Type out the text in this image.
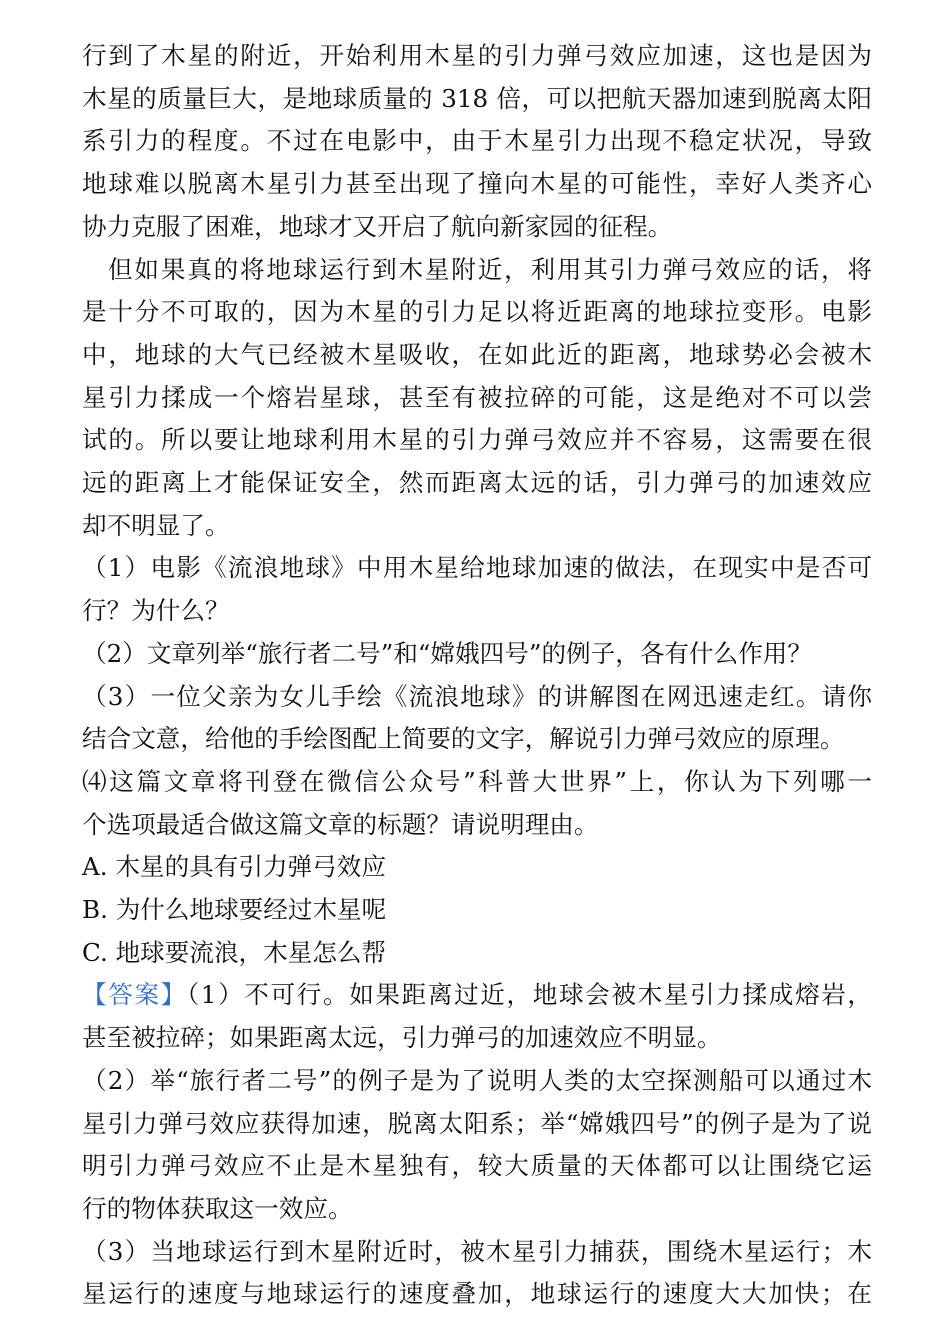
行到了木星的附近，开始利用木星的引力弹弓效应加速，这也是因为
木星的质量巨大，是地球质量的 318 倍，可以把航天器加速到脱离太阳
系引力的程度。不过在电影中，由于木星引力出现不稳定状况，导致
地球难以脱离木星引力甚至出现了撞向木星的可能性，幸好人类齐心
协力克服了困难，地球才又开启了航向新家园的征程。
但如果真的将地球运行到木星附近，利用其引力弹弓效应的话，将
是十分不可取的，因为木星的引力足以将近距离的地球拉变形。电影
中，地球的大气已经被木星吸收，在如此近的距离，地球势必会被木
星引力揉成一个熔岩星球，甚至有被拉碎的可能，这是绝对不可以尝
试的。所以要让地球利用木星的引力弹弓效应并不容易，这需要在很
远的距离上才能保证安全，然而距离太远的话，引力弹弓的加速效应
却不明显了。
（1）电影《流浪地球》中用木星给地球加速的做法，在现实中是否可
行？为什么？
（2）文章列举“旅行者二号”和“嫦娥四号”的例子，各有什么作用？
（3）一位父亲为女儿手绘《流浪地球》的讲解图在网迅速走红。请你
结合文意，给他的手绘图配上简要的文字，解说引力弹弓效应的原理。
⑷这篇文章将刊登在微信公众号”科普大世界”上，你认为下列哪一
个选项最适合做这篇文章的标题？请说明理由。
A. 木星的具有引力弹弓效应
B. 为什么地球要经过木星呢
C. 地球要流浪，木星怎么帮
【答案】（1）不可行。如果距离过近，地球会被木星引力揉成熔岩，
甚至被拉碎；如果距离太远，引力弹弓的加速效应不明显。
（2）举“旅行者二号”的例子是为了说明人类的太空探测船可以通过木
星引力弹弓效应获得加速，脱离太阳系；举“嫦娥四号”的例子是为了说
明引力弹弓效应不止是木星独有，较大质量的天体都可以让围绕它运
行的物体获取这一效应。
（3）当地球运行到木星附近时，被木星引力捕获，围绕木星运行；木
星运行的速度与地球运行的速度叠加，地球运行的速度大大加快；在
